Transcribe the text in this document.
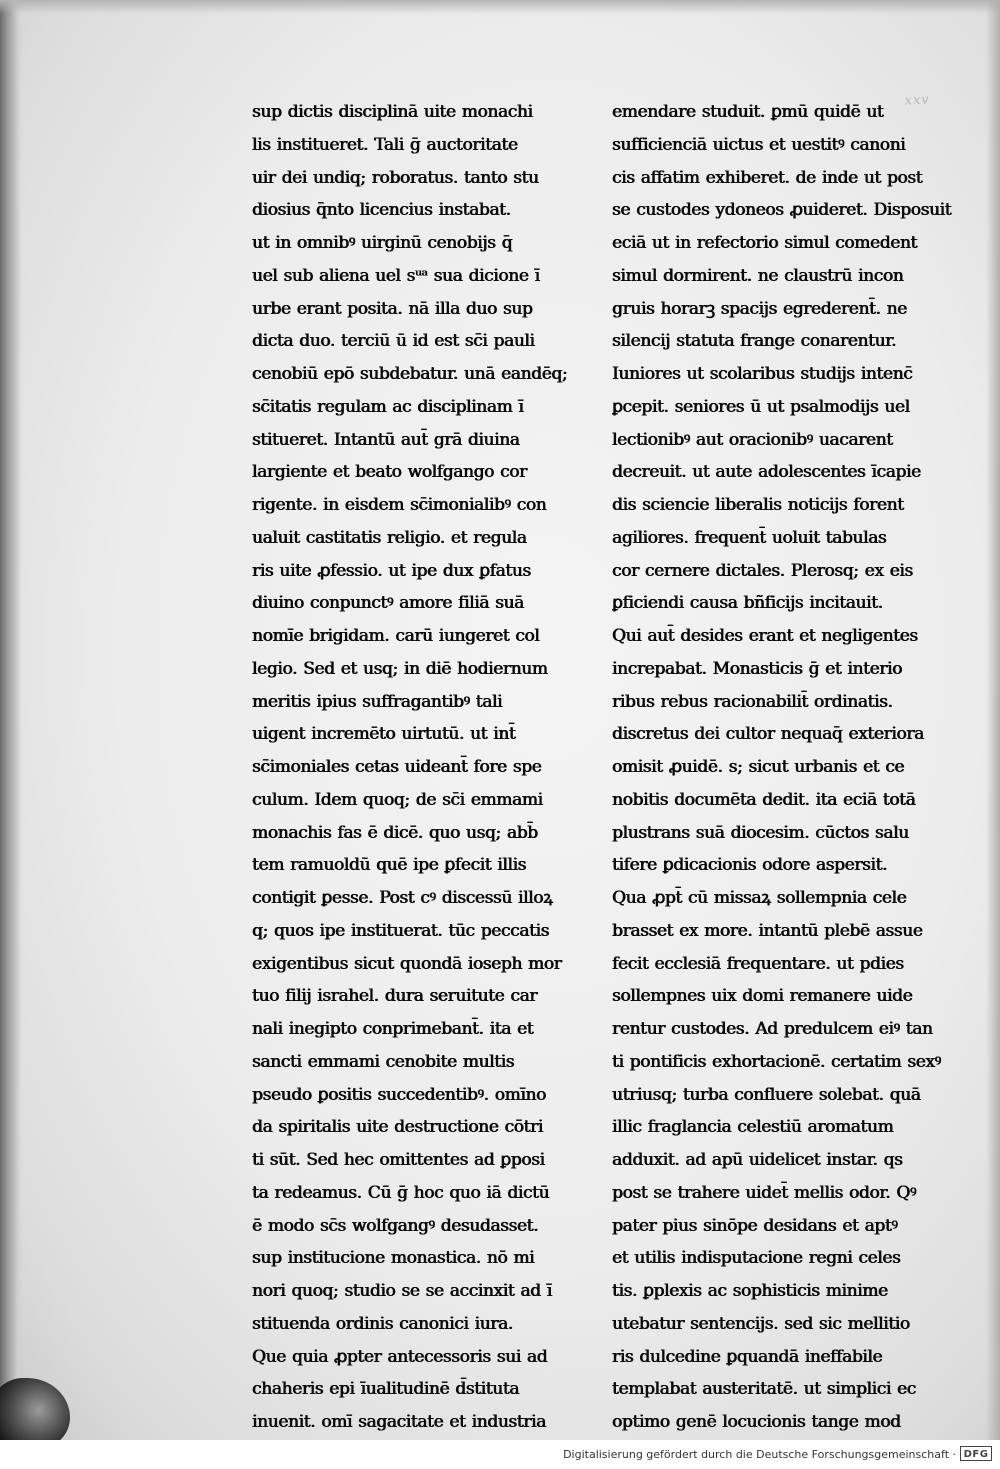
xxv
sup dictis disciplinā uite monachi
lis institueret. Tali ḡ auctoritate
uir dei undiq; roboratus. tanto stu
diosius q̄nto licencius instabat.
ut in omnibꝰ uirginū cenobijs q̄
uel sub aliena uel sᵘᵃ sua dicione ī
urbe erant posita. nā illa duo sup
dicta duo. terciū ū id est sc̄i pauli
cenobiū epō subdebatur. unā eandēq;
sc̄itatis regulam ac disciplinam ī
stitueret. Intantū aut̄ grā diuina
largiente et beato wolfgango cor
rigente. in eisdem sc̄imonialibꝰ con
ualuit castitatis religio. et regula
ris uite ꝓfessio. ut ipe dux ꝑfatus
diuino conpunctꝰ amore filiā suā
nomīe brigidam. carū iungeret col
legio. Sed et usq; in diē hodiernum
meritis ipius suffragantibꝰ tali
uigent incremēto uirtutū. ut int̄
sc̄imoniales cetas uideant̄ fore spe
culum. Idem quoq; de sc̄i emmami
monachis fas ē dicē. quo usq; abb̄
tem ramuoldū quē ipe ꝑfecit illis
contigit ꝑesse. Post cꝰ discessū illoꝝ
q; quos ipe instituerat. tūc peccatis
exigentibus sicut quondā ioseph mor
tuo filij israhel. dura seruitute car
nali inegipto conprimebant̄. ita et
sancti emmami cenobite multis
pseudo ꝑositis succedentibꝰ. omīno
da spiritalis uite destructione cōtri
ti sūt. Sed hec omittentes ad ꝑposi
ta redeamus. Cū ḡ hoc quo iā dictū
ē modo sc̄s wolfgangꝰ desudasset.
sup institucione monastica. nō mi
nori quoq; studio se se accinxit ad ī
stituenda ordinis canonici iura.
Que quia ꝓpter antecessoris sui ad
chaheris epi īualitudinē d̄stituta
inuenit. omī sagacitate et industria
emendare studuit. ꝑmū quidē ut
sufficienciā uictus et uestitꝰ canoni
cis affatim exhiberet. de inde ut post
se custodes ydoneos ꝓuideret. Disposuit
eciā ut in refectorio simul comedent
simul dormirent. ne claustrū incon
gruis horarꝫ spacijs egrederent̄. ne
silencij statuta frange conarentur.
Iuniores ut scolaribus studijs intenc̄
ꝑcepit. seniores ū ut psalmodijs uel
lectionibꝰ aut oracionibꝰ uacarent
decreuit. ut aute adolescentes īcapie
dis sciencie liberalis noticijs forent
agiliores. frequent̄ uoluit tabulas
cor cernere dictales. Plerosq; ex eis
ꝑficiendi causa bñficijs incitauit.
Qui aut̄ desides erant et negligentes
increpabat. Monasticis ḡ et interio
ribus rebus racionabilit̄ ordinatis.
discretus dei cultor nequaq̄ exteriora
omisit ꝓuidē. s; sicut urbanis et ce
nobitis documēta dedit. ita eciā totā
plustrans suā diocesim. cūctos salu
tifere ꝑdicacionis odore aspersit.
Qua ꝓpt̄ cū missaꝝ sollempnia cele
brasset ex more. intantū plebē assue
fecit ecclesiā frequentare. ut pdies
sollempnes uix domi remanere uide
rentur custodes. Ad predulcem eiꝰ tan
ti pontificis exhortacionē. certatim sexꝰ
utriusq; turba confluere solebat. quā
illic fraglancia celestiū aromatum
adduxit. ad apū uidelicet instar. qs
post se trahere uidet̄ mellis odor. Qꝰ
pater pius sinōpe desidans et aptꝰ
et utilis indisputacione regni celes
tis. ꝑplexis ac sophisticis minime
utebatur sentencijs. sed sic mellitio
ris dulcedine ꝑquandā ineffabile
templabat austeritatē. ut simplici ec
optimo genē locucionis tange mod
Digitalisierung gefördert durch die Deutsche Forschungsgemeinschaft · DFG
